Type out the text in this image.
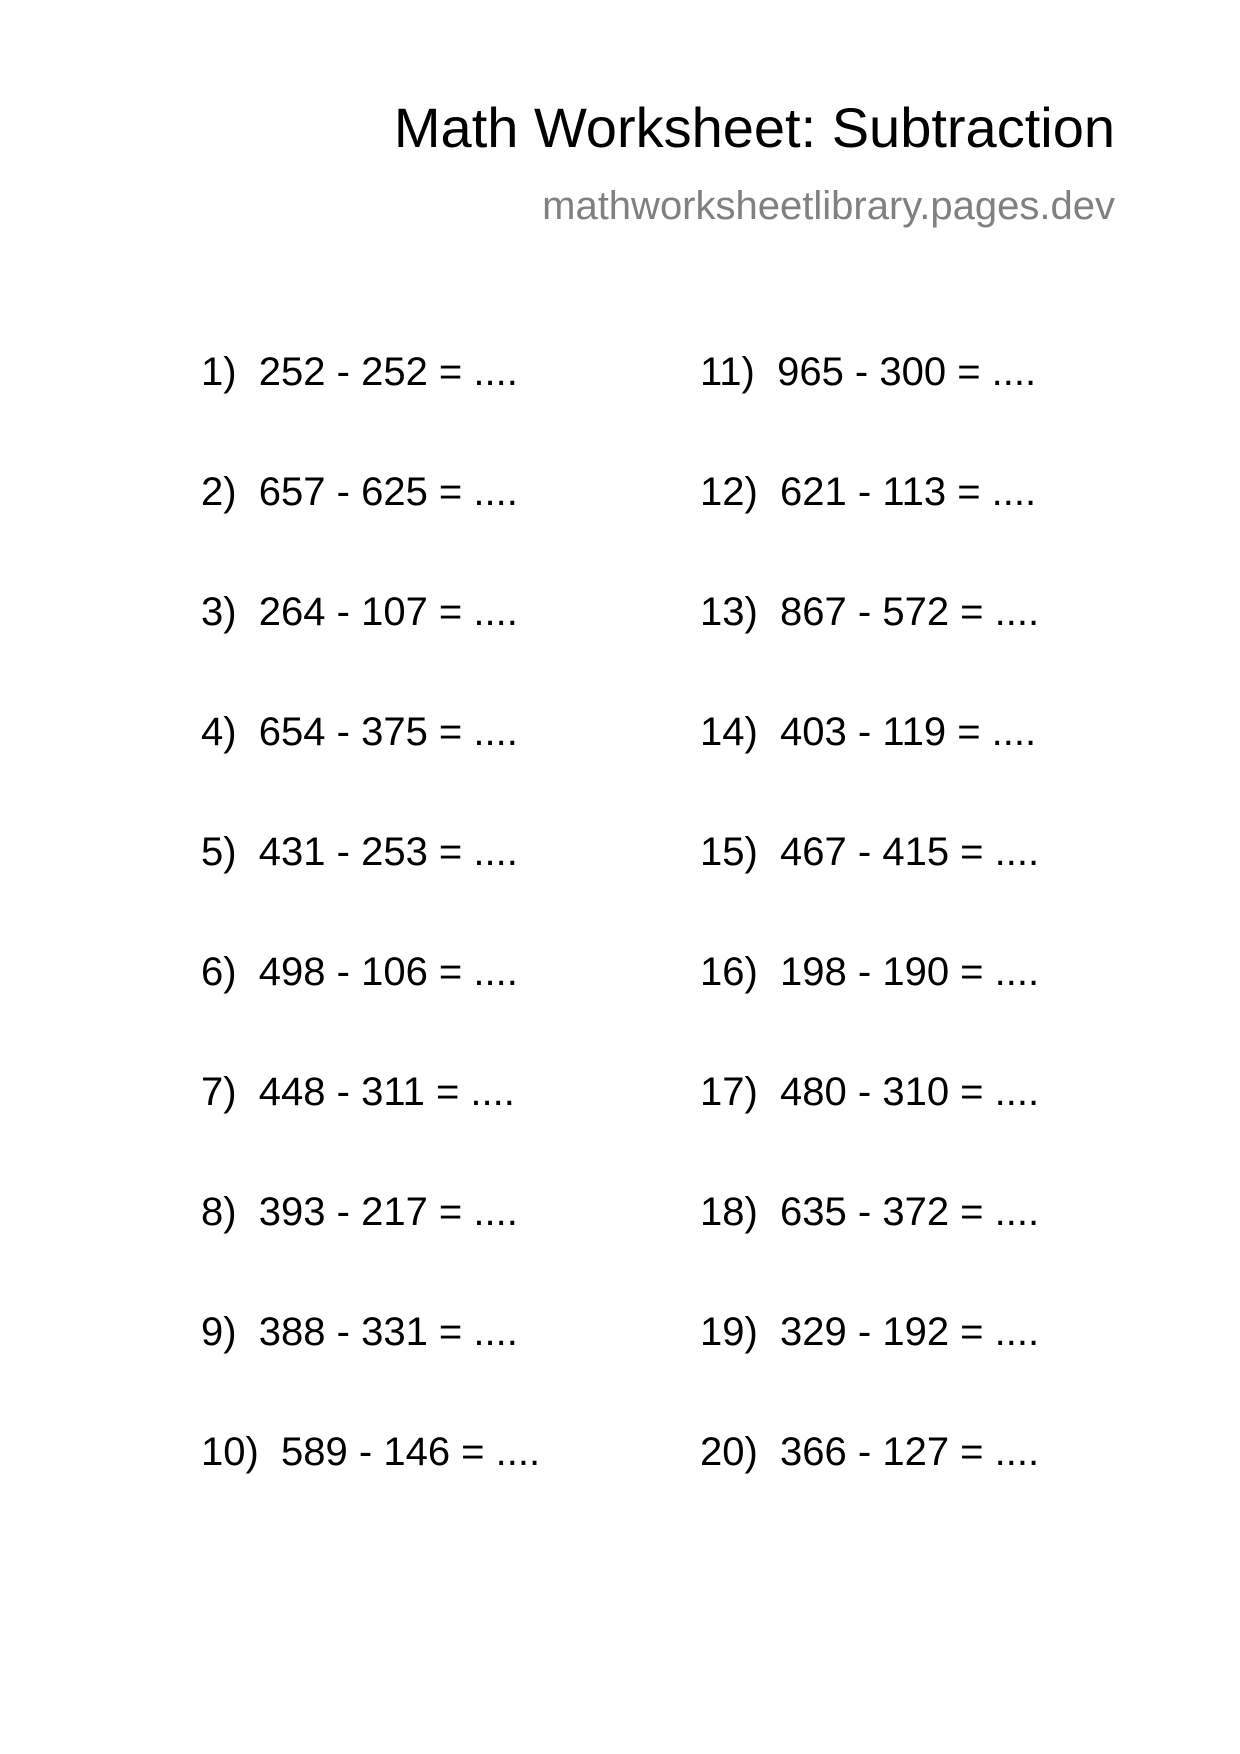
Math Worksheet: Subtraction
mathworksheetlibrary.pages.dev
1)  252 - 252 = ....
2)  657 - 625 = ....
3)  264 - 107 = ....
4)  654 - 375 = ....
5)  431 - 253 = ....
6)  498 - 106 = ....
7)  448 - 311 = ....
8)  393 - 217 = ....
9)  388 - 331 = ....
10)  589 - 146 = ....
11)  965 - 300 = ....
12)  621 - 113 = ....
13)  867 - 572 = ....
14)  403 - 119 = ....
15)  467 - 415 = ....
16)  198 - 190 = ....
17)  480 - 310 = ....
18)  635 - 372 = ....
19)  329 - 192 = ....
20)  366 - 127 = ....
